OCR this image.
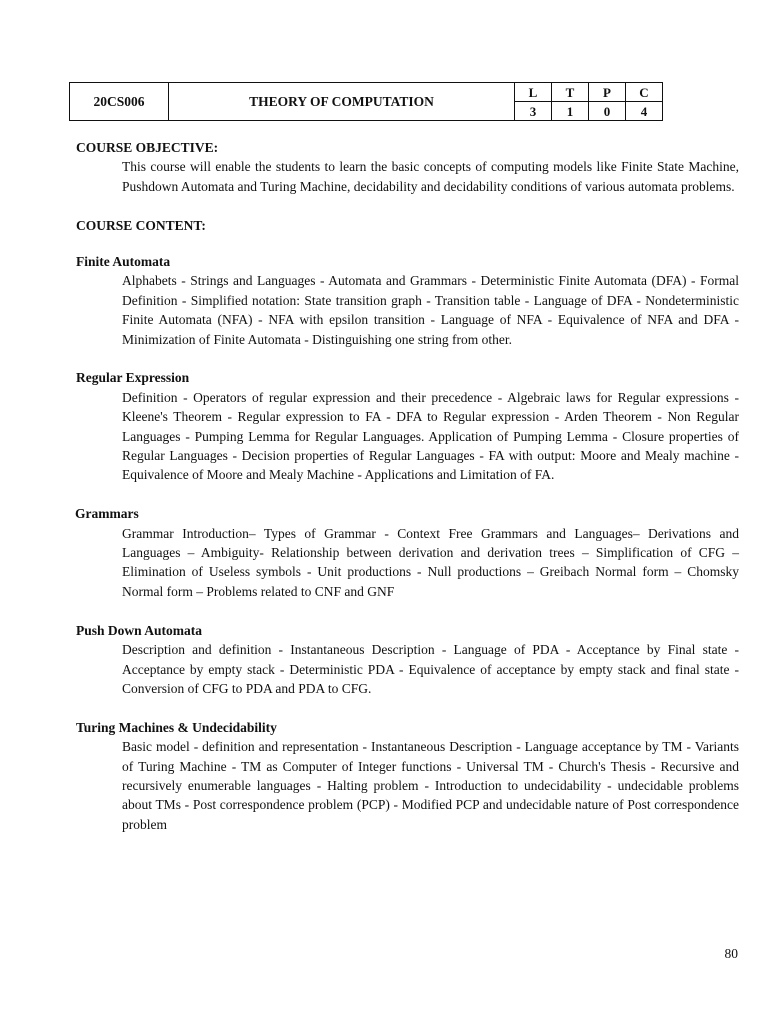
20CS006	THEORY OF COMPUTATION	L	T	P	C
		3	1	0	4

COURSE OBJECTIVE:

This course will enable the students to learn the basic concepts of computing models like Finite State Machine, Pushdown Automata and Turing Machine, decidability and decidability conditions of various automata problems.

COURSE CONTENT:

Finite Automata

Alphabets - Strings and Languages - Automata and Grammars - Deterministic Finite Automata (DFA) - Formal Definition - Simplified notation: State transition graph - Transition table - Language of DFA - Nondeterministic Finite Automata (NFA) - NFA with epsilon transition - Language of NFA - Equivalence of NFA and DFA - Minimization of Finite Automata - Distinguishing one string from other.

Regular Expression

Definition - Operators of regular expression and their precedence - Algebraic laws for Regular expressions - Kleene's Theorem - Regular expression to FA - DFA to Regular expression - Arden Theorem - Non Regular Languages - Pumping Lemma for Regular Languages. Application of Pumping Lemma - Closure properties of Regular Languages - Decision properties of Regular Languages - FA with output: Moore and Mealy machine - Equivalence of Moore and Mealy Machine - Applications and Limitation of FA.

Grammars

Grammar Introduction– Types of Grammar - Context Free Grammars and Languages– Derivations and Languages – Ambiguity- Relationship between derivation and derivation trees – Simplification of CFG – Elimination of Useless symbols - Unit productions - Null productions – Greibach Normal form – Chomsky Normal form – Problems related to CNF and GNF

Push Down Automata

Description and definition - Instantaneous Description - Language of PDA - Acceptance by Final state - Acceptance by empty stack - Deterministic PDA - Equivalence of acceptance by empty stack and final state - Conversion of CFG to PDA and PDA to CFG.

Turing Machines & Undecidability

Basic model - definition and representation - Instantaneous Description - Language acceptance by TM - Variants of Turing Machine - TM as Computer of Integer functions - Universal TM - Church's Thesis - Recursive and recursively enumerable languages - Halting problem - Introduction to undecidability - undecidable problems about TMs - Post correspondence problem (PCP) - Modified PCP and undecidable nature of Post correspondence problem

80
